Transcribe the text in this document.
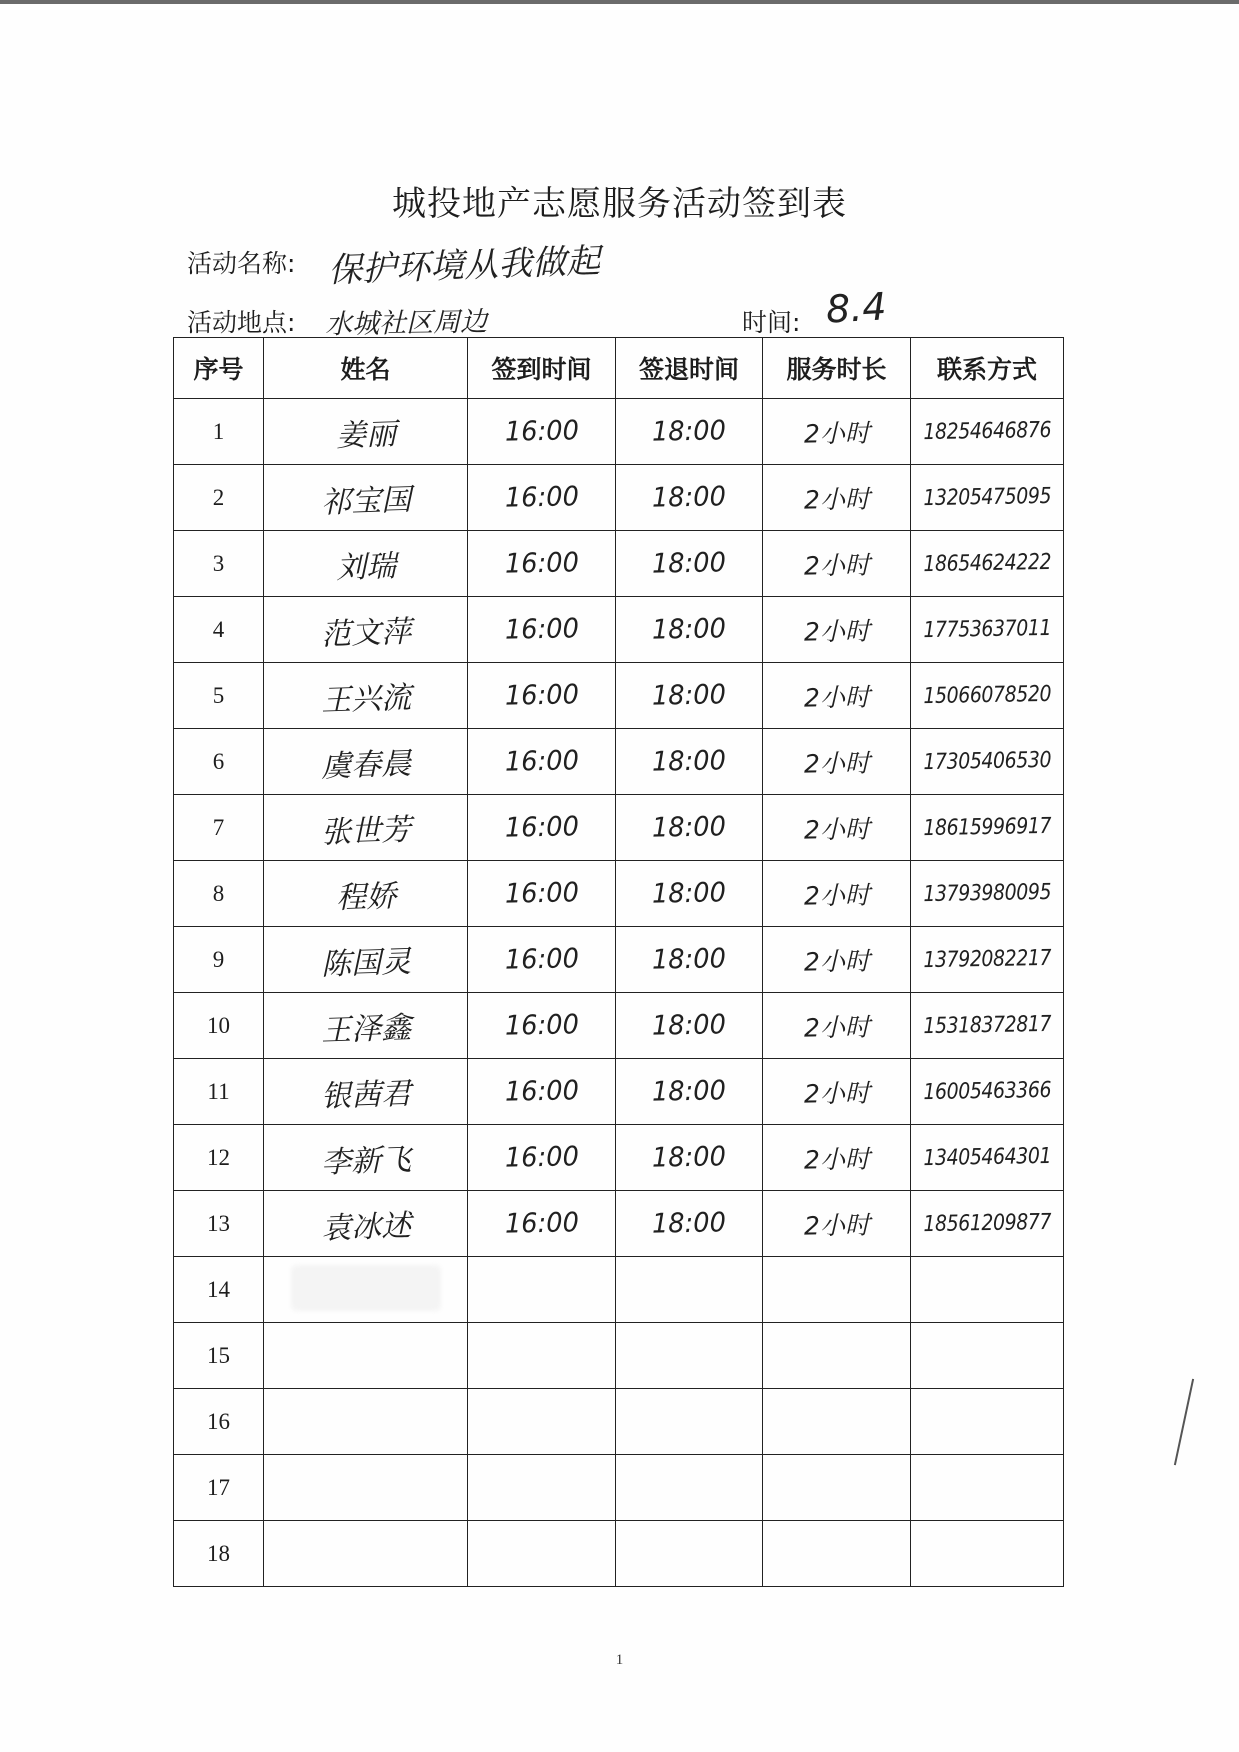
城投地产志愿服务活动签到表
活动名称: 保护环境从我做起
活动地点: 水城社区周边	时间: 8.4
序号	姓名	签到时间	签退时间	服务时长	联系方式
1	姜丽	16:00	18:00	2小时	18254646876
2	祁宝国	16:00	18:00	2小时	13205475095
3	刘瑞	16:00	18:00	2小时	18654624222
4	范文萍	16:00	18:00	2小时	17753637011
5	王兴流	16:00	18:00	2小时	15066078520
6	虞春晨	16:00	18:00	2小时	17305406530
7	张世芳	16:00	18:00	2小时	18615996917
8	程娇	16:00	18:00	2小时	13793980095
9	陈国灵	16:00	18:00	2小时	13792082217
10	王泽鑫	16:00	18:00	2小时	15318372817
11	银茜君	16:00	18:00	2小时	16005463366
12	李新飞	16:00	18:00	2小时	13405464301
13	袁冰述	16:00	18:00	2小时	18561209877
14					
15					
16					
17					
18					
1
